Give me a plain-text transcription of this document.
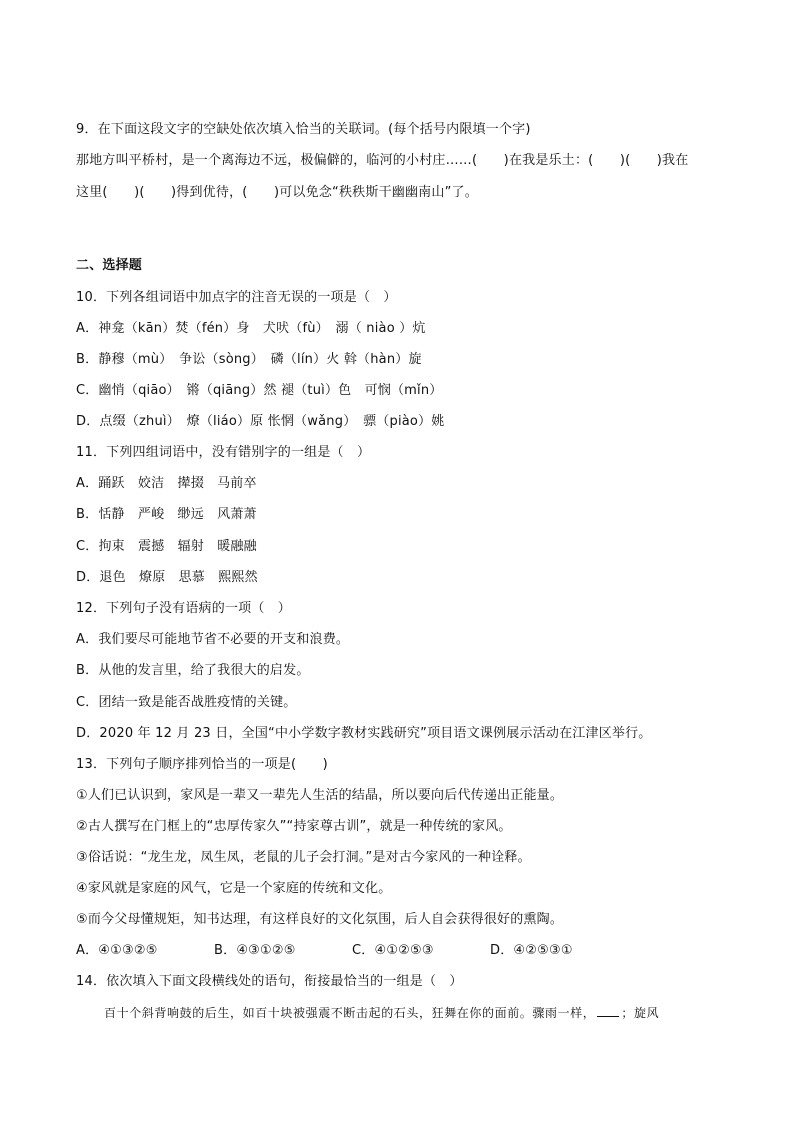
9．在下面这段文字的空缺处依次填入恰当的关联词。(每个括号内限填一个字)
那地方叫平桥村，是一个离海边不远，极偏僻的，临河的小村庄……(　　)在我是乐土：(　　)(　　)我在
这里(　　)(　　)得到优待，(　　)可以免念“秩秩斯干幽幽南山”了。
二、选择题
10．下列各组词语中加点字的注音无误的一项是（　）
A．神龛（kān）焚（fén）身　犬吠（fù）　溺（ niào ）炕
B．静穆（mù）　争讼（sòng）　磷（lín）火 斡（hàn）旋
C．幽悄（qiāo）　锵（qiāng）然 褪（tuì）色　可悯（mǐn）
D．点缀（zhuì）　燎（liáo）原 怅惘（wǎng）　骠（piào）姚
11．下列四组词语中，没有错别字的一组是（　）
A．踊跃　姣洁　撵掇　马前卒
B．恬静　严峻　缈远　风萧萧
C．拘束　震撼　辐射　暖融融
D．退色　燎原　思慕　熙熙然
12．下列句子没有语病的一项（　）
A．我们要尽可能地节省不必要的开支和浪费。
B．从他的发言里，给了我很大的启发。
C．团结一致是能否战胜疫情的关键。
D．2020 年 12 月 23 日，全国“中小学数字教材实践研究”项目语文课例展示活动在江津区举行。
13．下列句子顺序排列恰当的一项是(　　)
①人们已认识到，家风是一辈又一辈先人生活的结晶，所以要向后代传递出正能量。
②古人撰写在门框上的“忠厚传家久”“持家尊古训”，就是一种传统的家风。
③俗话说：“龙生龙，凤生凤，老鼠的儿子会打洞。”是对古今家风的一种诠释。
④家风就是家庭的风气，它是一个家庭的传统和文化。
⑤而今父母懂规矩，知书达理，有这样良好的文化氛围，后人自会获得很好的熏陶。
A．④①③②⑤	B．④③①②⑤	C．④①②⑤③	D．④②⑤③①
14．依次填入下面文段横线处的语句，衔接最恰当的一组是（　）
百十个斜背响鼓的后生，如百十块被强震不断击起的石头，狂舞在你的面前。骤雨一样， ；旋风
